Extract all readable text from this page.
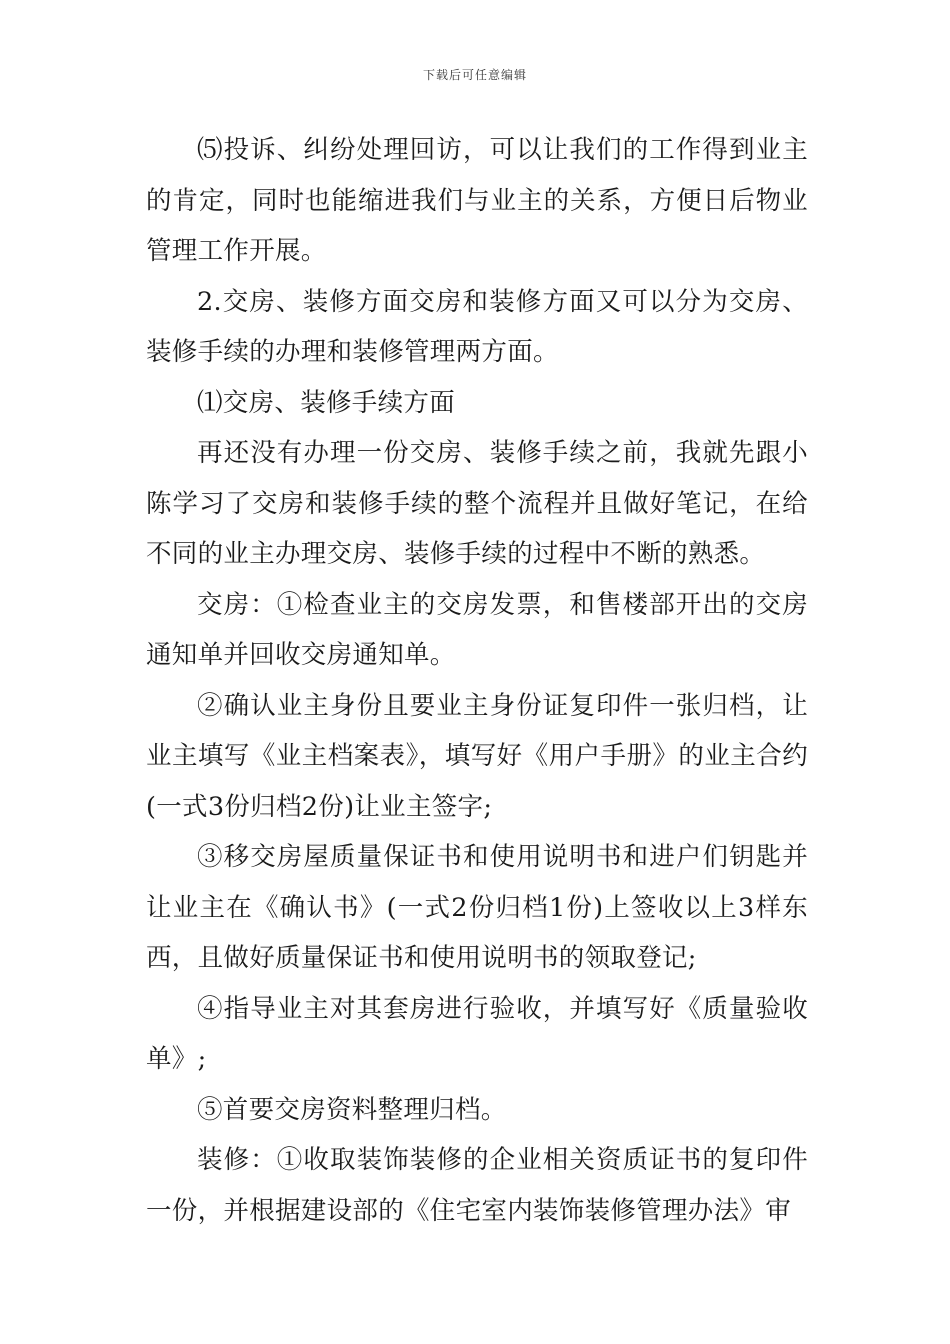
下载后可任意编辑

⑸投诉、纠纷处理回访，可以让我们的工作得到业主的肯定，同时也能缩进我们与业主的关系，方便日后物业管理工作开展。

2.交房、装修方面交房和装修方面又可以分为交房、装修手续的办理和装修管理两方面。

⑴交房、装修手续方面

再还没有办理一份交房、装修手续之前，我就先跟小陈学习了交房和装修手续的整个流程并且做好笔记，在给不同的业主办理交房、装修手续的过程中不断的熟悉。

交房：①检查业主的交房发票，和售楼部开出的交房通知单并回收交房通知单。

②确认业主身份且要业主身份证复印件一张归档，让业主填写《业主档案表》，填写好《用户手册》的业主合约(一式3份归档2份)让业主签字;

③移交房屋质量保证书和使用说明书和进户们钥匙并让业主在《确认书》(一式2份归档1份)上签收以上3样东西，且做好质量保证书和使用说明书的领取登记;

④指导业主对其套房进行验收，并填写好《质量验收单》;

⑤首要交房资料整理归档。

装修：①收取装饰装修的企业相关资质证书的复印件一份，并根据建设部的《住宅室内装饰装修管理办法》审
